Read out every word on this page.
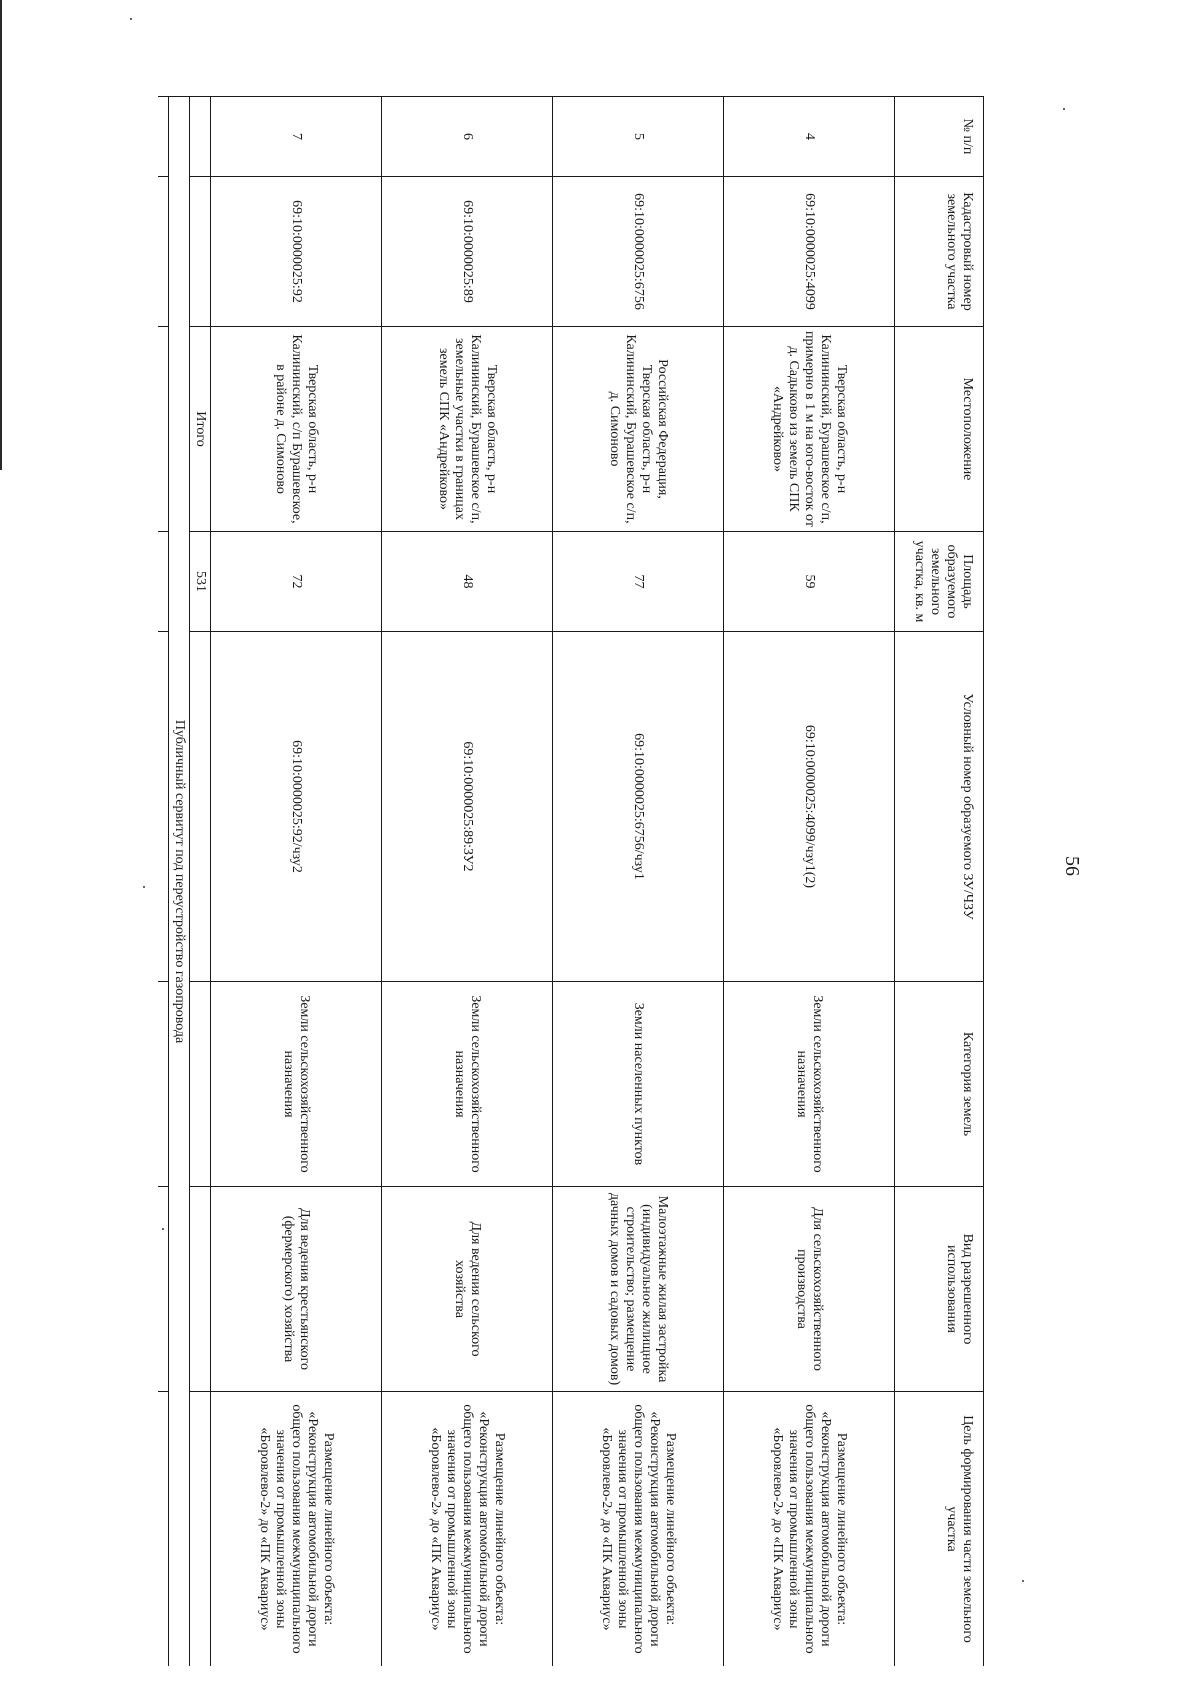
56
№ п/п	Кадастровый номер земельного участка	Местоположение	Площадь образуемого земельного участка, кв. м	Условный номер образуемого ЗУ/ЧЗУ	Категория земель	Вид разрешенного использования	Цель формирования части земельного участка
4	69:10:0000025:4099	Тверская область, р-н Калининский, Бурашевское с/п, примерно в 1 м на юго-восток от д. Садыково из земель СПК «Андрейково»	59	69:10:0000025:4099/чзу1(2)	Земли сельскохозяйственного назначения	Для сельскохозяйственного производства	Размещение линейного объекта: «Реконструкция автомобильной дороги общего пользования межмуниципального значения от промышленной зоны «Боровлево-2» до «ПК Аквариус»
5	69:10:0000025:6756	Российская Федерация, Тверская область, р-н Калининский, Бурашевское с/п, д. Симоново	77	69:10:0000025:6756/чзу1	Земли населенных пунктов	Малоэтажные жилая застройка (индивидуальное жилищное строительство; размещение дачных домов и садовых домов)	Размещение линейного объекта: «Реконструкция автомобильной дороги общего пользования межмуниципального значения от промышленной зоны «Боровлево-2» до «ПК Аквариус»
6	69:10:0000025:89	Тверская область, р-н Калининский, Бурашевское с/п, земельные участки в границах земель СПК «Андрейково»	48	69:10:0000025:89:ЗУ2	Земли сельскохозяйственного назначения	Для ведения сельского хозяйства	Размещение линейного объекта: «Реконструкция автомобильной дороги общего пользования межмуниципального значения от промышленной зоны «Боровлево-2» до «ПК Аквариус»
7	69:10:0000025:92	Тверская область, р-н Калининский, с/п Бурашевское, в районе д. Симоново	72	69:10:0000025:92/чзу2	Земли сельскохозяйственного назначения	Для ведения крестьянского (фермерского) хозяйства	Размещение линейного объекта: «Реконструкция автомобильной дороги общего пользования межмуниципального значения от промышленной зоны «Боровлево-2» до «ПК Аквариус»
		Итого	531				
Публичный сервитут под переустройство газопровода							
